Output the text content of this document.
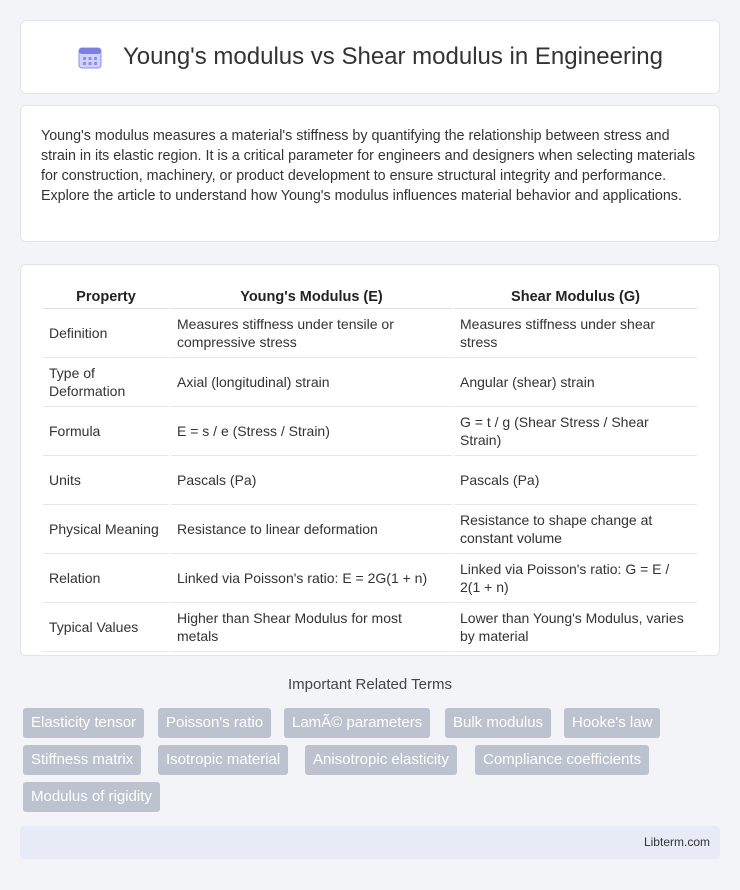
Young's modulus vs Shear modulus in Engineering

Young's modulus measures a material's stiffness by quantifying the relationship between stress and strain in its elastic region. It is a critical parameter for engineers and designers when selecting materials for construction, machinery, or product development to ensure structural integrity and performance. Explore the article to understand how Young's modulus influences material behavior and applications.

Property	Young's Modulus (E)	Shear Modulus (G)
Definition	Measures stiffness under tensile or compressive stress	Measures stiffness under shear stress
Type of Deformation	Axial (longitudinal) strain	Angular (shear) strain
Formula	E = s / e (Stress / Strain)	G = t / g (Shear Stress / Shear Strain)
Units	Pascals (Pa)	Pascals (Pa)
Physical Meaning	Resistance to linear deformation	Resistance to shape change at constant volume
Relation	Linked via Poisson's ratio: E = 2G(1 + n)	Linked via Poisson's ratio: G = E / 2(1 + n)
Typical Values	Higher than Shear Modulus for most metals	Lower than Young's Modulus, varies by material
Important Related Terms
Elasticity tensor	Poisson's ratio	LamÃ© parameters	Bulk modulus	Hooke's law
Stiffness matrix	Isotropic material	Anisotropic elasticity	Compliance coefficients
Modulus of rigidity
Libterm.com
